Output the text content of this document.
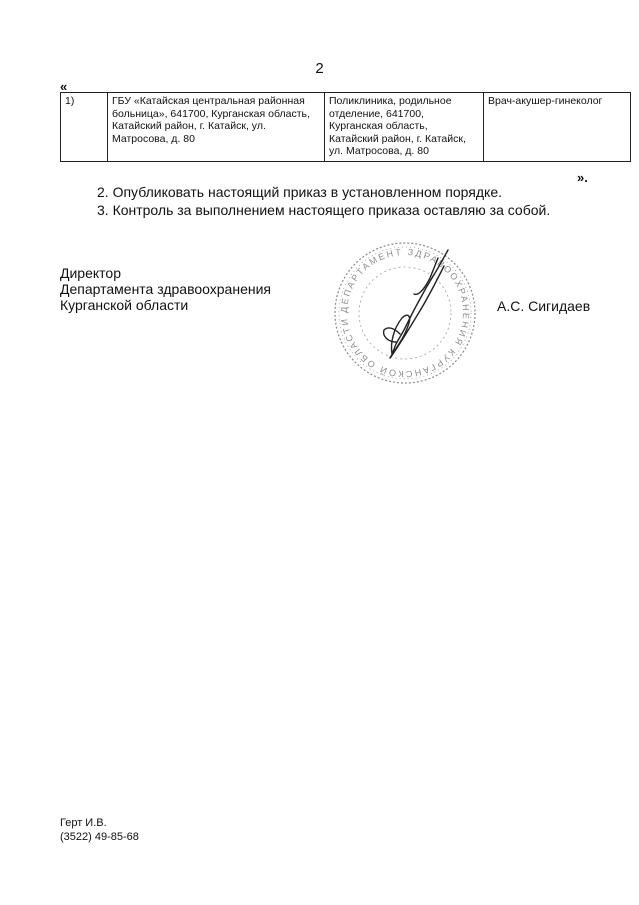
2
«
1)	ГБУ «Катайская центральная районная больница», 641700, Курганская область, Катайский район, г. Катайск, ул. Матросова, д. 80	Поликлиника, родильное отделение, 641700, Курганская область, Катайский район, г. Катайск, ул. Матросова, д. 80	Врач-акушер-гинеколог
».
2. Опубликовать настоящий приказ в установленном порядке.
3. Контроль за выполнением настоящего приказа оставляю за собой.
Директор
Департамента здравоохранения
Курганской области	ДЕПАРТАМЕНТ ЗДРАВООХРАНЕНИЯ КУРГАНСКОЙ ОБЛАСТИ
А.С. Сигидаев
Герт И.В.
(3522) 49-85-68
